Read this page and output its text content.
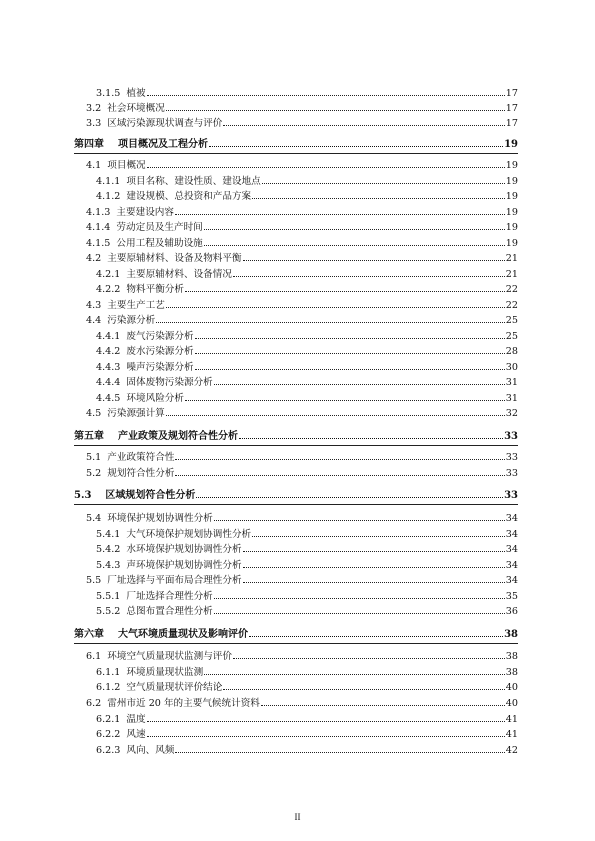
3.1.5 植被	17
3.2 社会环境概况	17
3.3 区域污染源现状调查与评价	17
第四章 项目概况及工程分析	19
4.1 项目概况	19
4.1.1 项目名称、建设性质、建设地点	19
4.1.2 建设规模、总投资和产品方案	19
4.1.3 主要建设内容	19
4.1.4 劳动定员及生产时间	19
4.1.5 公用工程及辅助设施	19
4.2 主要原辅材料、设备及物料平衡	21
4.2.1 主要原辅材料、设备情况	21
4.2.2 物料平衡分析	22
4.3 主要生产工艺	22
4.4 污染源分析	25
4.4.1 废气污染源分析	25
4.4.2 废水污染源分析	28
4.4.3 噪声污染源分析	30
4.4.4 固体废物污染源分析	31
4.4.5 环境风险分析	31
4.5 污染源强计算	32
第五章 产业政策及规划符合性分析	33
5.1 产业政策符合性	33
5.2 规划符合性分析	33
5.3 区域规划符合性分析	33
5.4 环境保护规划协调性分析	34
5.4.1 大气环境保护规划协调性分析	34
5.4.2 水环境保护规划协调性分析	34
5.4.3 声环境保护规划协调性分析	34
5.5 厂址选择与平面布局合理性分析	34
5.5.1 厂址选择合理性分析	35
5.5.2 总图布置合理性分析	36
第六章 大气环境质量现状及影响评价	38
6.1 环境空气质量现状监测与评价	38
6.1.1 环境质量现状监测	38
6.1.2 空气质量现状评价结论	40
6.2 雷州市近 20 年的主要气候统计资料	40
6.2.1 温度	41
6.2.2 风速	41
6.2.3 风向、风频	42
II
